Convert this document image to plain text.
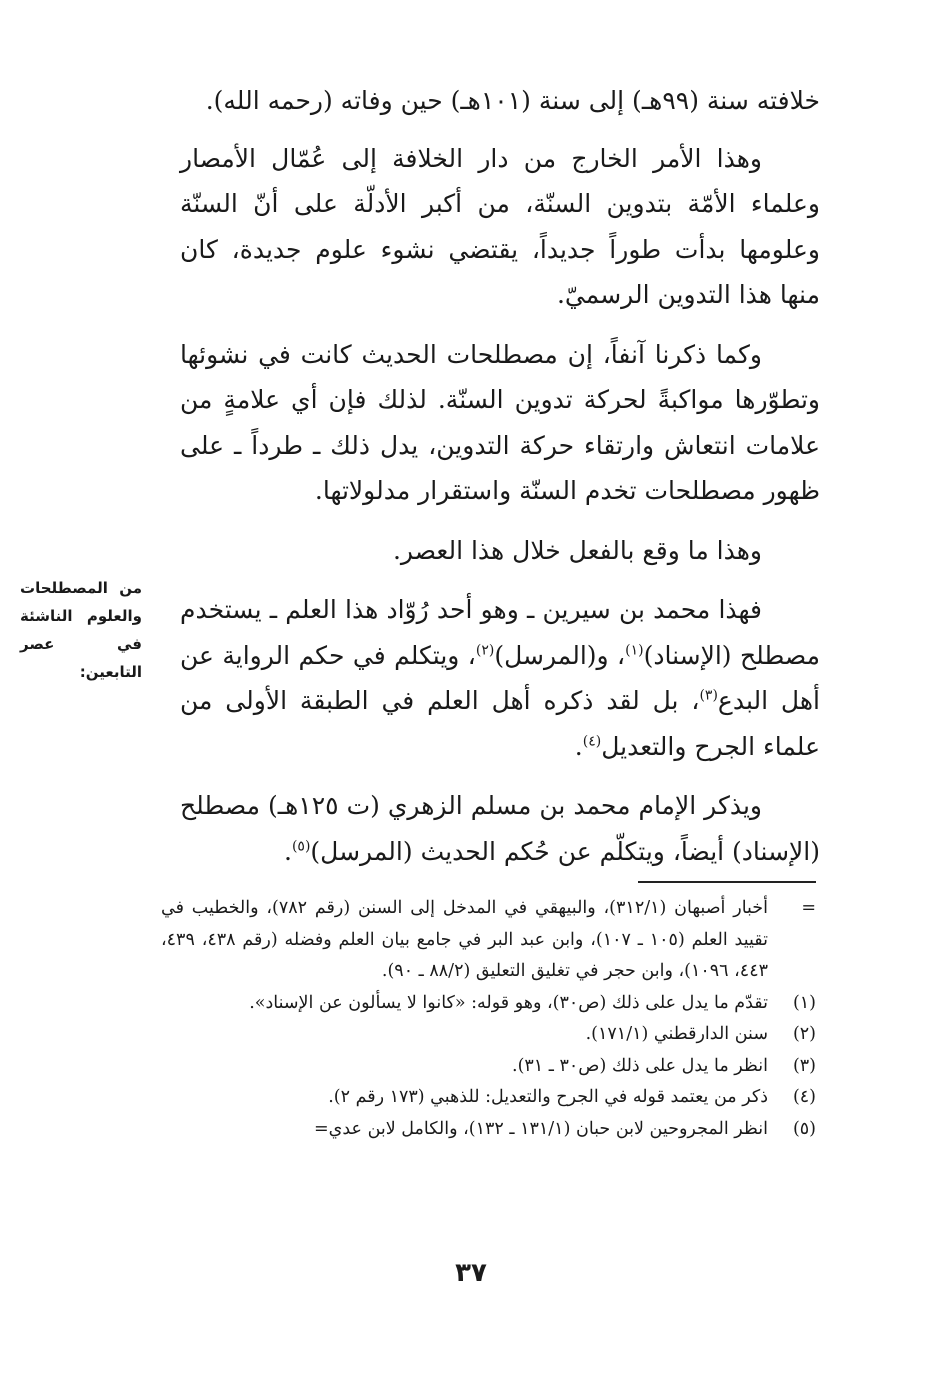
خلافته سنة (٩٩هـ) إلى سنة (١٠١هـ) حين وفاته (رحمه الله).

وهذا الأمر الخارج من دار الخلافة إلى عُمّال الأمصار وعلماء الأمّة بتدوين السنّة، من أكبر الأدلّة على أنّ السنّة وعلومها بدأت طوراً جديداً، يقتضي نشوء علوم جديدة، كان منها هذا التدوين الرسميّ.

وكما ذكرنا آنفاً، إن مصطلحات الحديث كانت في نشوئها وتطوّرها مواكبةً لحركة تدوين السنّة. لذلك فإن أي علامةٍ من علامات انتعاش وارتقاء حركة التدوين، يدل ذلك ـ طرداً ـ على ظهور مصطلحات تخدم السنّة واستقرار مدلولاتها.

وهذا ما وقع بالفعل خلال هذا العصر.

فهذا محمد بن سيرين ـ وهو أحد رُوّاد هذا العلم ـ يستخدم مصطلح (الإسناد)$^{(١)}$، و(المرسل)$^{(٢)}$، ويتكلم في حكم الرواية عن أهل البدع$^{(٣)}$، بل لقد ذكره أهل العلم في الطبقة الأولى من علماء الجرح والتعديل$^{(٤)}$.

ويذكر الإمام محمد بن مسلم الزهري (ت ١٢٥هـ) مصطلح (الإسناد) أيضاً، ويتكلّم عن حُكم الحديث (المرسل)$^{(٥)}$.

من المصطلحات
والعلوم الناشئة
في عصر
التابعين:
=
أخبار أصبهان (٣١٢/١)، والبيهقي في المدخل إلى السنن (رقم ٧٨٢)، والخطيب في تقييد العلم (١٠٥ ـ ١٠٧)، وابن عبد البر في جامع بيان العلم وفضله (رقم ٤٣٨، ٤٣٩، ٤٤٣، ١٠٩٦)، وابن حجر في تغليق التعليق (٨٨/٢ ـ ٩٠).
(١)
تقدّم ما يدل على ذلك (ص٣٠)، وهو قوله: «كانوا لا يسألون عن الإسناد».
(٢)
سنن الدارقطني (١٧١/١).
(٣)
انظر ما يدل على ذلك (ص٣٠ ـ ٣١).
(٤)
ذكر من يعتمد قوله في الجرح والتعديل: للذهبي (١٧٣ رقم ٢).
(٥)
انظر المجروحين لابن حبان (١٣١/١ ـ ١٣٢)، والكامل لابن عدي=
٣٧
